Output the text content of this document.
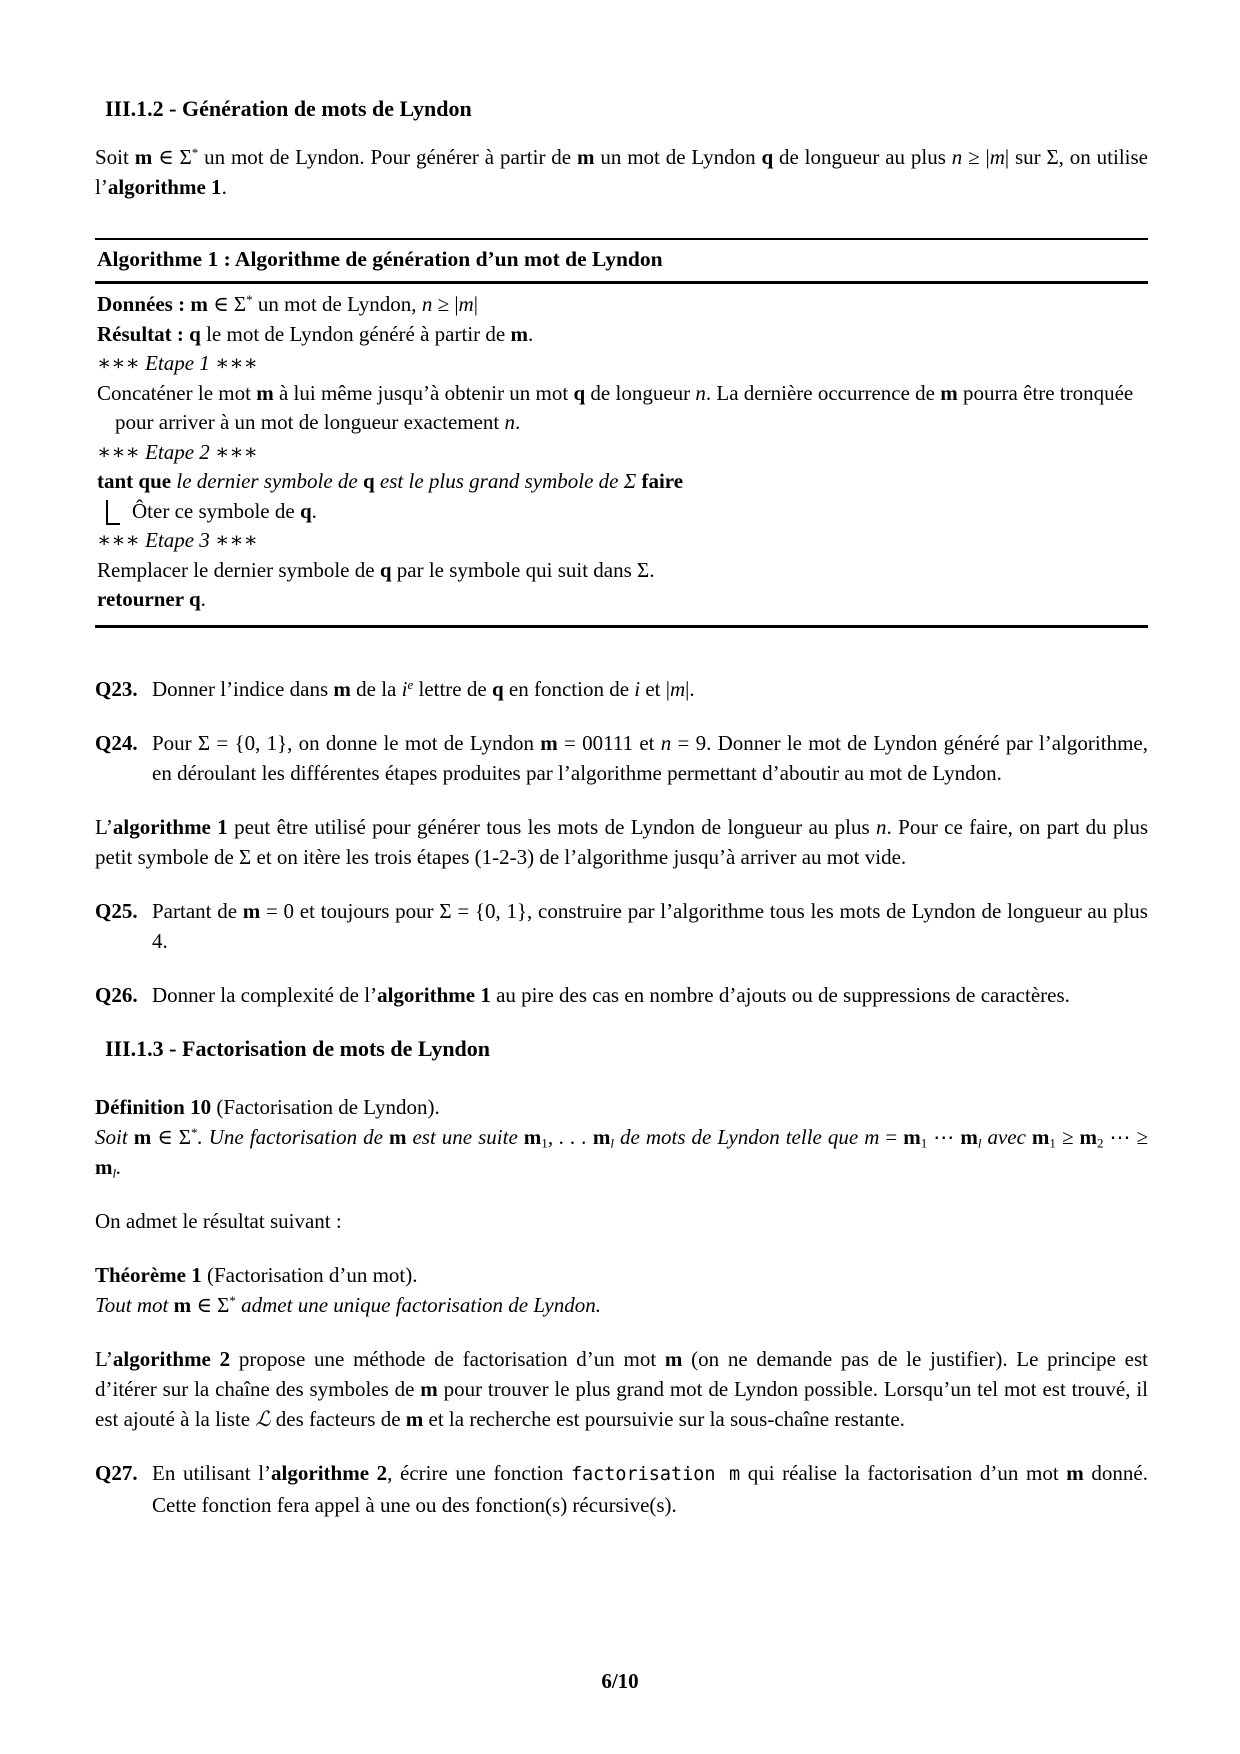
III.1.2 - Génération de mots de Lyndon

Soit m ∈ Σ* un mot de Lyndon. Pour générer à partir de m un mot de Lyndon q de longueur au plus n ≥ |m| sur Σ, on utilise l’algorithme 1.

Algorithme 1 : Algorithme de génération d’un mot de Lyndon
Données : m ∈ Σ* un mot de Lyndon, n ≥ |m|
Résultat : q le mot de Lyndon généré à partir de m.
∗∗∗ Etape 1 ∗∗∗
Concaténer le mot m à lui même jusqu’à obtenir un mot q de longueur n. La dernière occurrence de m pourra être tronquée pour arriver à un mot de longueur exactement n.
∗∗∗ Etape 2 ∗∗∗
tant que le dernier symbole de q est le plus grand symbole de Σ faire
Ôter ce symbole de q.
∗∗∗ Etape 3 ∗∗∗
Remplacer le dernier symbole de q par le symbole qui suit dans Σ.
retourner q.
Q23. Donner l’indice dans m de la $i^e$ lettre de q en fonction de i et |m|.
Q24. Pour Σ = {0, 1}, on donne le mot de Lyndon m = 00111 et n = 9. Donner le mot de Lyndon généré par l’algorithme, en déroulant les différentes étapes produites par l’algorithme permettant d’aboutir au mot de Lyndon.

L’algorithme 1 peut être utilisé pour générer tous les mots de Lyndon de longueur au plus n. Pour ce faire, on part du plus petit symbole de Σ et on itère les trois étapes (1-2-3) de l’algorithme jusqu’à arriver au mot vide.

Q25. Partant de m = 0 et toujours pour Σ = {0, 1}, construire par l’algorithme tous les mots de Lyndon de longueur au plus 4.
Q26. Donner la complexité de l’algorithme 1 au pire des cas en nombre d’ajouts ou de suppressions de caractères.
III.1.3 - Factorisation de mots de Lyndon
Définition 10 (Factorisation de Lyndon).
Soit m ∈ Σ*. Une factorisation de m est une suite $m_1$, . . . $m_l$ de mots de Lyndon telle que $m = m_1$ ⋯ $m_l$ avec $m_1 \ge m_2$ ⋯ ≥ $m_l$.

On admet le résultat suivant :

Théorème 1 (Factorisation d’un mot).
Tout mot m ∈ Σ* admet une unique factorisation de Lyndon.

L’algorithme 2 propose une méthode de factorisation d’un mot m (on ne demande pas de le justifier). Le principe est d’itérer sur la chaîne des symboles de m pour trouver le plus grand mot de Lyndon possible. Lorsqu’un tel mot est trouvé, il est ajouté à la liste ℒ des facteurs de m et la recherche est poursuivie sur la sous-chaîne restante.

Q27. En utilisant l’algorithme 2, écrire une fonction factorisation m qui réalise la factorisation d’un mot m donné. Cette fonction fera appel à une ou des fonction(s) récursive(s).
6/10
